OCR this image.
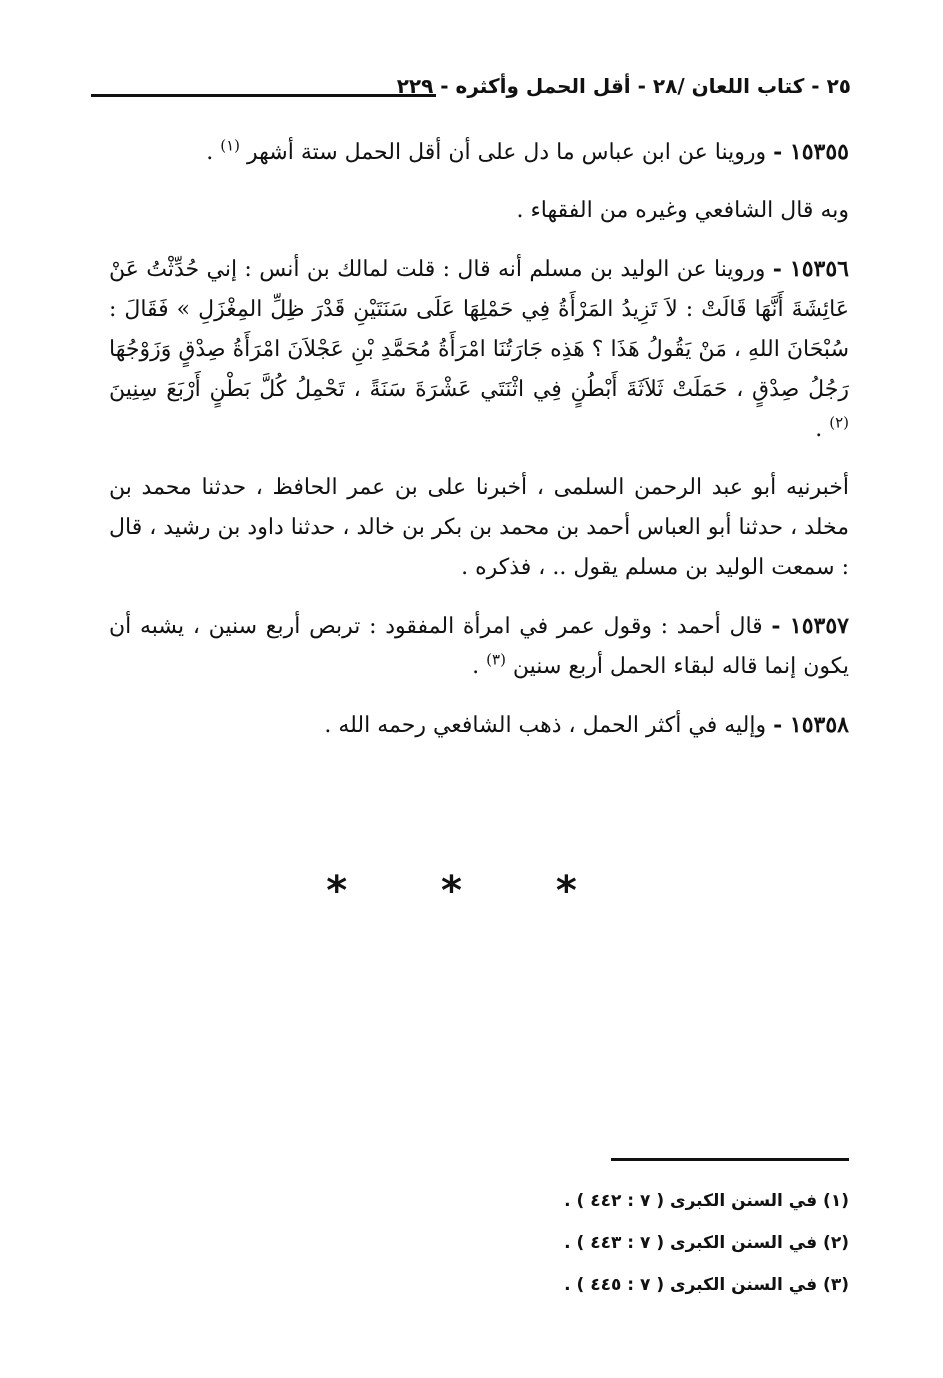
٢٥ - كتاب اللعان /٢٨ - أقل الحمل وأكثره - ٢٢٩

١٥٣٥٥ - وروينا عن ابن عباس ما دل على أن أقل الحمل ستة أشهر $^{(١)}$ .

وبه قال الشافعي وغيره من الفقهاء .

١٥٣٥٦ - وروينا عن الوليد بن مسلم أنه قال : قلت لمالك بن أنس : إني حُدِّثْتُ عَنْ عَائِشَةَ أَنَّهَا قَالَتْ : لاَ تَزِيدُ المَرْأَةُ فِي حَمْلِهَا عَلَى سَنَتَيْنِ قَدْرَ ظِلِّ المِغْزَلِ » فَقَالَ : سُبْحَانَ اللهِ ، مَنْ يَقُولُ هَذَا ؟ هَذِه جَارَتُنَا امْرَأَةُ مُحَمَّدِ بْنِ عَجْلاَنَ امْرَأَةُ صِدْقٍ وَزَوْجُهَا رَجُلُ صِدْقٍ ، حَمَلَتْ ثَلاَثَةَ أَبْطُنٍ فِي اثْنَتَي عَشْرَةَ سَنَةً ، تَحْمِلُ كُلَّ بَطْنٍ أَرْبَعَ سِنِينَ $^{(٢)}$ .

أخبرنيه أبو عبد الرحمن السلمى ، أخبرنا على بن عمر الحافظ ، حدثنا محمد بن مخلد ، حدثنا أبو العباس أحمد بن محمد بن بكر بن خالد ، حدثنا داود بن رشيد ، قال : سمعت الوليد بن مسلم يقول .. ، فذكره .

١٥٣٥٧ - قال أحمد : وقول عمر في امرأة المفقود : تربص أربع سنين ، يشبه أن يكون إنما قاله لبقاء الحمل أربع سنين $^{(٣)}$ .

١٥٣٥٨ - وإليه في أكثر الحمل ، ذهب الشافعي رحمه الله .

* * *

(١) في السنن الكبرى ( ٧ : ٤٤٢ ) .

(٢) في السنن الكبرى ( ٧ : ٤٤٣ ) .

(٣) في السنن الكبرى ( ٧ : ٤٤٥ ) .
